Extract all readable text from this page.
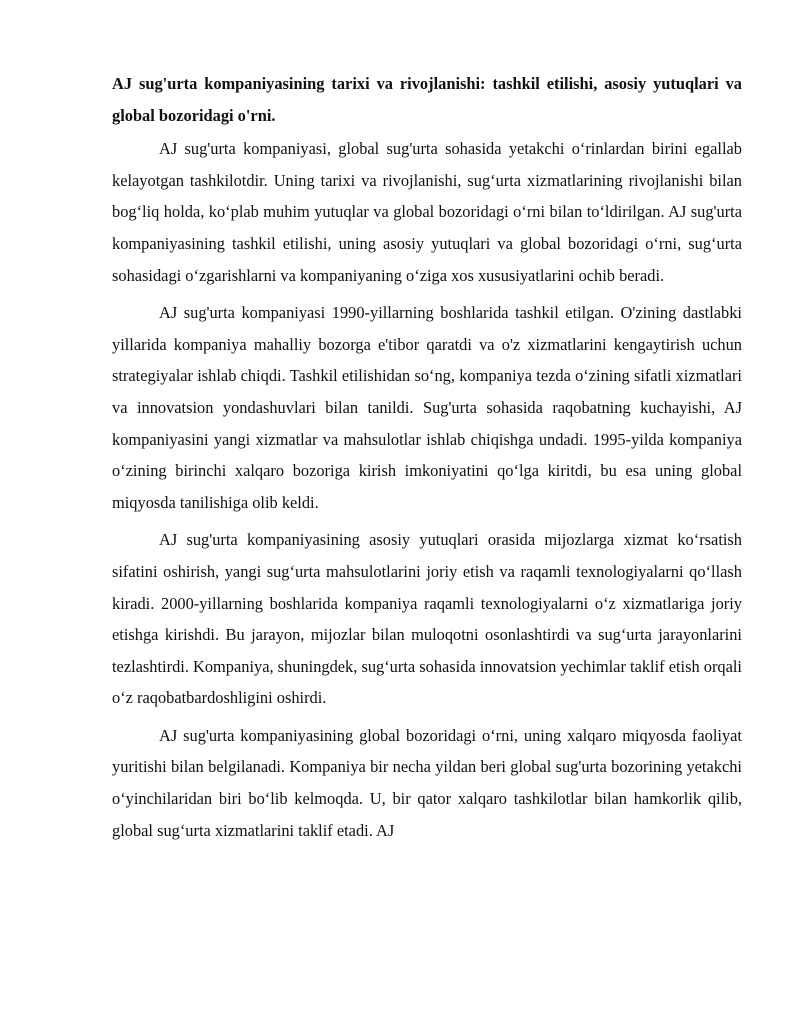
AJ sug'urta kompaniyasining tarixi va rivojlanishi: tashkil etilishi, asosiy yutuqlari va global bozoridagi o'rni.

AJ sug'urta kompaniyasi, global sug'urta sohasida yetakchi o‘rinlardan birini egallab kelayotgan tashkilotdir. Uning tarixi va rivojlanishi, sug‘urta xizmatlarining rivojlanishi bilan bog‘liq holda, ko‘plab muhim yutuqlar va global bozoridagi o‘rni bilan to‘ldirilgan. AJ sug'urta kompaniyasining tashkil etilishi, uning asosiy yutuqlari va global bozoridagi o‘rni, sug‘urta sohasidagi o‘zgarishlarni va kompaniyaning o‘ziga xos xususiyatlarini ochib beradi.

AJ sug'urta kompaniyasi 1990-yillarning boshlarida tashkil etilgan. O'zining dastlabki yillarida kompaniya mahalliy bozorga e'tibor qaratdi va o'z xizmatlarini kengaytirish uchun strategiyalar ishlab chiqdi. Tashkil etilishidan so‘ng, kompaniya tezda o‘zining sifatli xizmatlari va innovatsion yondashuvlari bilan tanildi. Sug'urta sohasida raqobatning kuchayishi, AJ kompaniyasini yangi xizmatlar va mahsulotlar ishlab chiqishga undadi. 1995-yilda kompaniya o‘zining birinchi xalqaro bozoriga kirish imkoniyatini qo‘lga kiritdi, bu esa uning global miqyosda tanilishiga olib keldi.

AJ sug'urta kompaniyasining asosiy yutuqlari orasida mijozlarga xizmat ko‘rsatish sifatini oshirish, yangi sug‘urta mahsulotlarini joriy etish va raqamli texnologiyalarni qo‘llash kiradi. 2000-yillarning boshlarida kompaniya raqamli texnologiyalarni o‘z xizmatlariga joriy etishga kirishdi. Bu jarayon, mijozlar bilan muloqotni osonlashtirdi va sug‘urta jarayonlarini tezlashtirdi. Kompaniya, shuningdek, sug‘urta sohasida innovatsion yechimlar taklif etish orqali o‘z raqobatbardoshligini oshirdi.

AJ sug'urta kompaniyasining global bozoridagi o‘rni, uning xalqaro miqyosda faoliyat yuritishi bilan belgilanadi. Kompaniya bir necha yildan beri global sug'urta bozorining yetakchi o‘yinchilaridan biri bo‘lib kelmoqda. U, bir qator xalqaro tashkilotlar bilan hamkorlik qilib, global sug‘urta xizmatlarini taklif etadi. AJ
